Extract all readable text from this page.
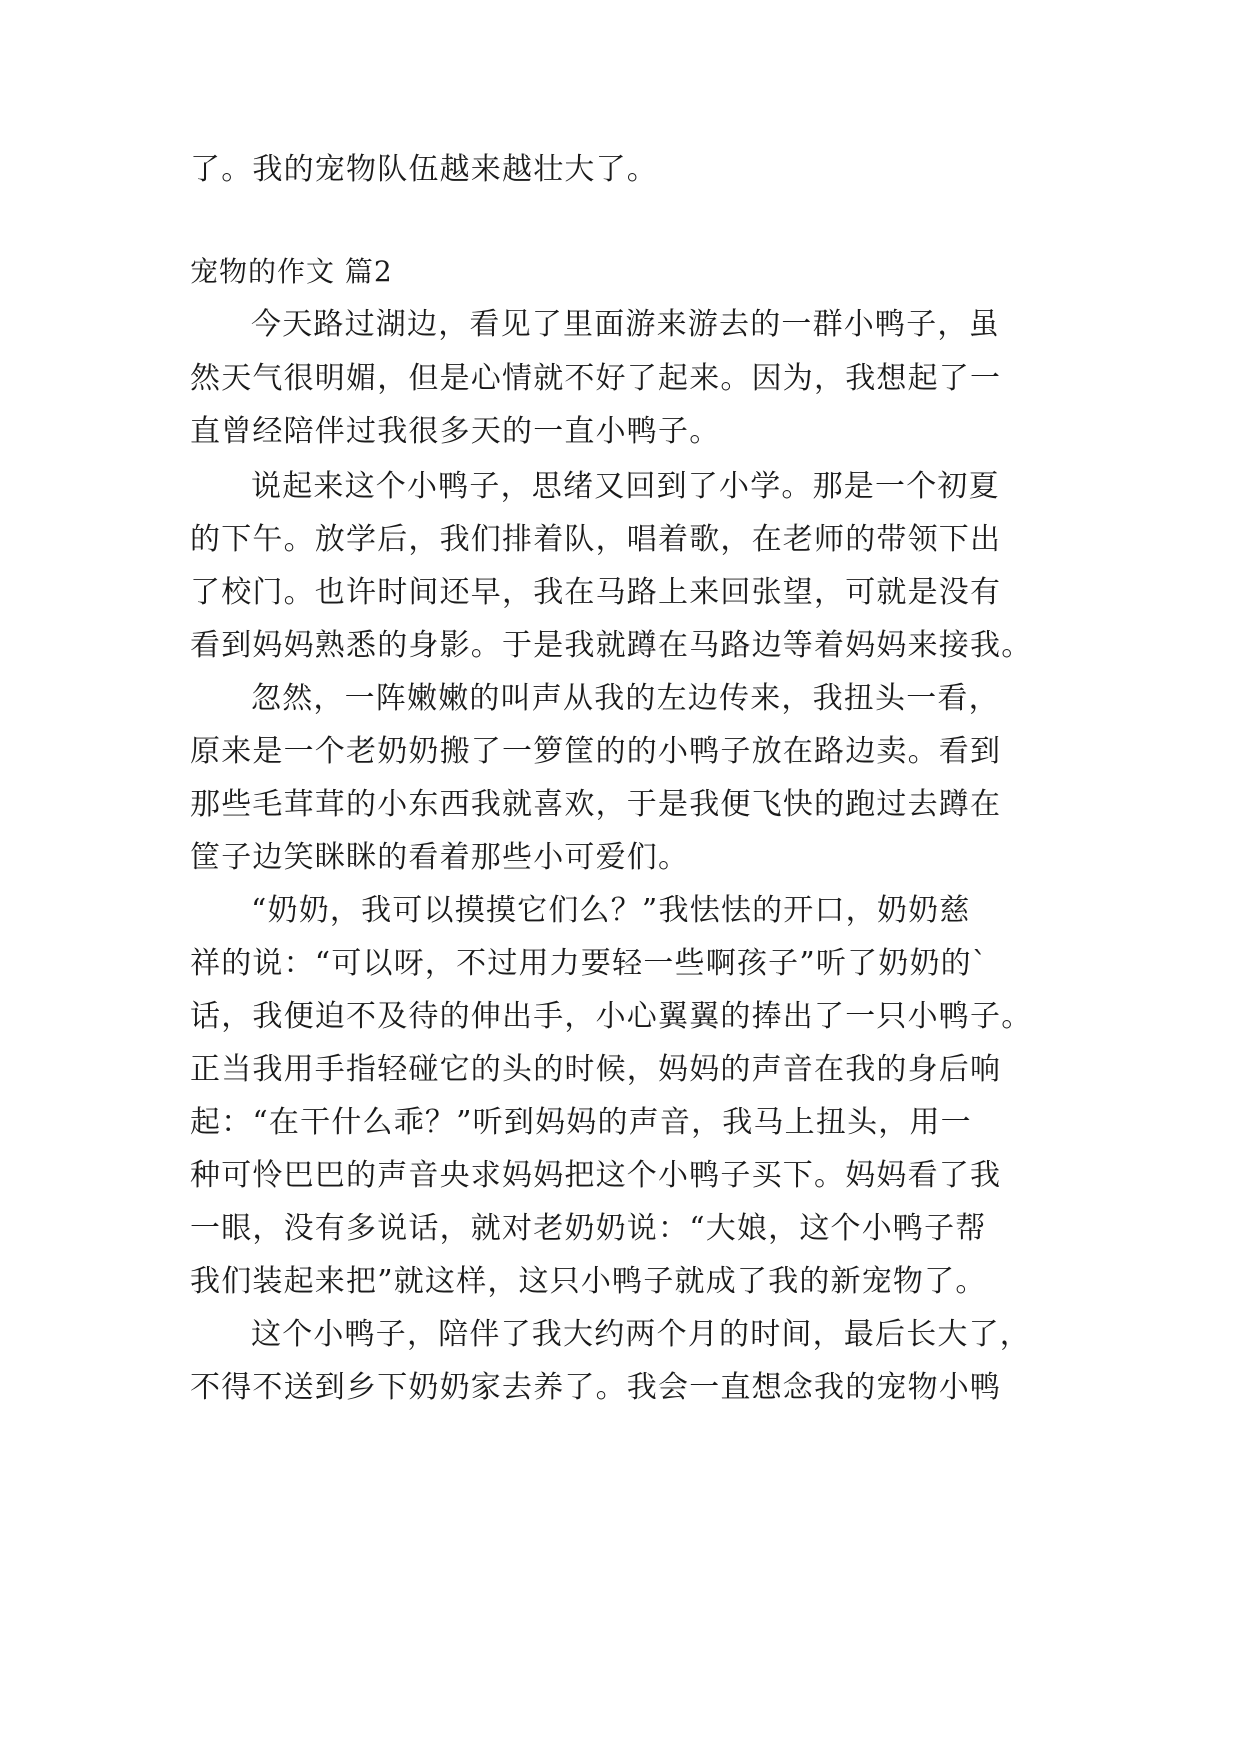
了。我的宠物队伍越来越壮大了。
宠物的作文 篇2
今天路过湖边，看见了里面游来游去的一群小鸭子，虽
然天气很明媚，但是心情就不好了起来。因为，我想起了一
直曾经陪伴过我很多天的一直小鸭子。
说起来这个小鸭子，思绪又回到了小学。那是一个初夏
的下午。放学后，我们排着队，唱着歌，在老师的带领下出
了校门。也许时间还早，我在马路上来回张望，可就是没有
看到妈妈熟悉的身影。于是我就蹲在马路边等着妈妈来接我。
忽然，一阵嫩嫩的叫声从我的左边传来，我扭头一看，
原来是一个老奶奶搬了一箩筐的的小鸭子放在路边卖。看到
那些毛茸茸的小东西我就喜欢，于是我便飞快的跑过去蹲在
筐子边笑眯眯的看着那些小可爱们。
“奶奶，我可以摸摸它们么？”我怯怯的开口，奶奶慈
祥的说：“可以呀，不过用力要轻一些啊孩子”听了奶奶的`
话，我便迫不及待的伸出手，小心翼翼的捧出了一只小鸭子。
正当我用手指轻碰它的头的时候，妈妈的声音在我的身后响
起：“在干什么乖？”听到妈妈的声音，我马上扭头，用一
种可怜巴巴的声音央求妈妈把这个小鸭子买下。妈妈看了我
一眼，没有多说话，就对老奶奶说：“大娘，这个小鸭子帮
我们装起来把”就这样，这只小鸭子就成了我的新宠物了。
这个小鸭子，陪伴了我大约两个月的时间，最后长大了，
不得不送到乡下奶奶家去养了。我会一直想念我的宠物小鸭
